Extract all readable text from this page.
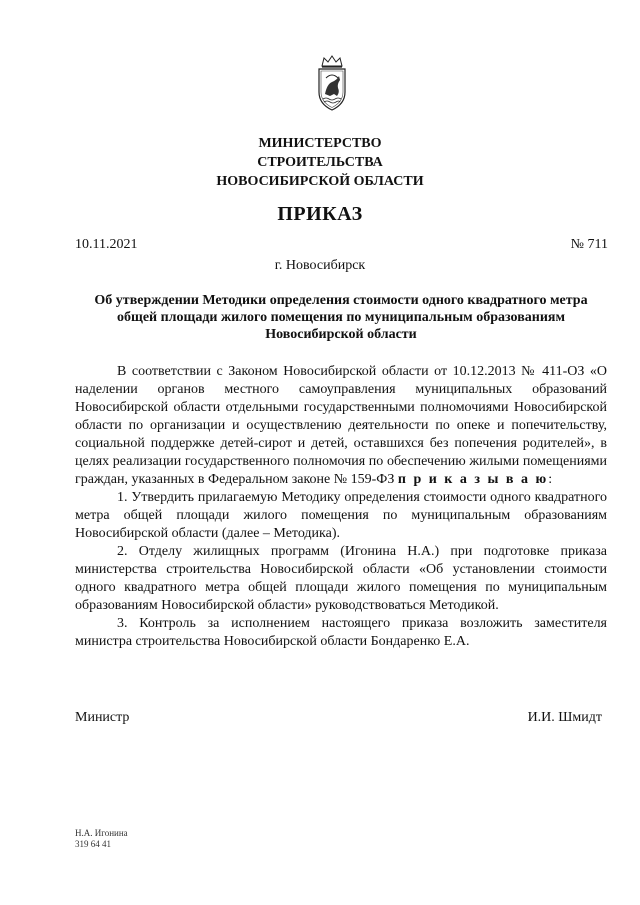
МИНИСТЕРСТВО
СТРОИТЕЛЬСТВА
НОВОСИБИРСКОЙ ОБЛАСТИ
ПРИКАЗ
10.11.2021	№ 711
г. Новосибирск
Об утверждении Методики определения стоимости одного квадратного метра общей площади жилого помещения по муниципальным образованиям Новосибирской области

В соответствии с Законом Новосибирской области от 10.12.2013 № 411-ОЗ «О наделении органов местного самоуправления муниципальных образований Новосибирской области отдельными государственными полномочиями Новосибирской области по организации и осуществлению деятельности по опеке и попечительству, социальной поддержке детей-сирот и детей, оставшихся без попечения родителей», в целях реализации государственного полномочия по обеспечению жилыми помещениями граждан, указанных в Федеральном законе № 159-ФЗ п р и к а з ы в а ю:

1. Утвердить прилагаемую Методику определения стоимости одного квадратного метра общей площади жилого помещения по муниципальным образованиям Новосибирской области (далее – Методика).

2. Отделу жилищных программ (Игонина Н.А.) при подготовке приказа министерства строительства Новосибирской области «Об установлении стоимости одного квадратного метра общей площади жилого помещения по муниципальным образованиям Новосибирской области» руководствоваться Методикой.

3. Контроль за исполнением настоящего приказа возложить заместителя министра строительства Новосибирской области Бондаренко Е.А.

Министр	И.И. Шмидт
Н.А. Игонина
319 64 41
